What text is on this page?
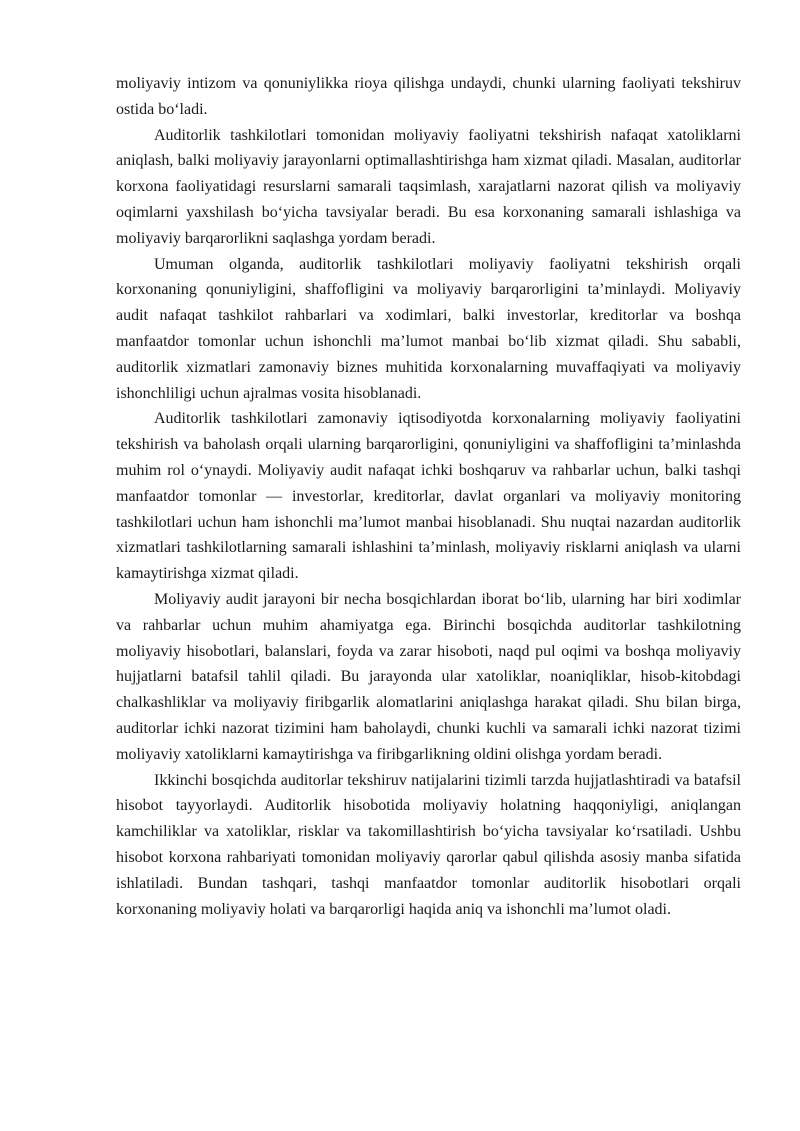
moliyaviy intizom va qonuniylikka rioya qilishga undaydi, chunki ularning faoliyati tekshiruv ostida bo‘ladi.

Auditorlik tashkilotlari tomonidan moliyaviy faoliyatni tekshirish nafaqat xatoliklarni aniqlash, balki moliyaviy jarayonlarni optimallashtirishga ham xizmat qiladi. Masalan, auditorlar korxona faoliyatidagi resurslarni samarali taqsimlash, xarajatlarni nazorat qilish va moliyaviy oqimlarni yaxshilash bo‘yicha tavsiyalar beradi. Bu esa korxonaning samarali ishlashiga va moliyaviy barqarorlikni saqlashga yordam beradi.

Umuman olganda, auditorlik tashkilotlari moliyaviy faoliyatni tekshirish orqali korxonaning qonuniyligini, shaffofligini va moliyaviy barqarorligini ta’minlaydi. Moliyaviy audit nafaqat tashkilot rahbarlari va xodimlari, balki investorlar, kreditorlar va boshqa manfaatdor tomonlar uchun ishonchli ma’lumot manbai bo‘lib xizmat qiladi. Shu sababli, auditorlik xizmatlari zamonaviy biznes muhitida korxonalarning muvaffaqiyati va moliyaviy ishonchliligi uchun ajralmas vosita hisoblanadi.

Auditorlik tashkilotlari zamonaviy iqtisodiyotda korxonalarning moliyaviy faoliyatini tekshirish va baholash orqali ularning barqarorligini, qonuniyligini va shaffofligini ta’minlashda muhim rol o‘ynaydi. Moliyaviy audit nafaqat ichki boshqaruv va rahbarlar uchun, balki tashqi manfaatdor tomonlar — investorlar, kreditorlar, davlat organlari va moliyaviy monitoring tashkilotlari uchun ham ishonchli ma’lumot manbai hisoblanadi. Shu nuqtai nazardan auditorlik xizmatlari tashkilotlarning samarali ishlashini ta’minlash, moliyaviy risklarni aniqlash va ularni kamaytirishga xizmat qiladi.

Moliyaviy audit jarayoni bir necha bosqichlardan iborat bo‘lib, ularning har biri xodimlar va rahbarlar uchun muhim ahamiyatga ega. Birinchi bosqichda auditorlar tashkilotning moliyaviy hisobotlari, balanslari, foyda va zarar hisoboti, naqd pul oqimi va boshqa moliyaviy hujjatlarni batafsil tahlil qiladi. Bu jarayonda ular xatoliklar, noaniqliklar, hisob-kitobdagi chalkashliklar va moliyaviy firibgarlik alomatlarini aniqlashga harakat qiladi. Shu bilan birga, auditorlar ichki nazorat tizimini ham baholaydi, chunki kuchli va samarali ichki nazorat tizimi moliyaviy xatoliklarni kamaytirishga va firibgarlikning oldini olishga yordam beradi.

Ikkinchi bosqichda auditorlar tekshiruv natijalarini tizimli tarzda hujjatlashtiradi va batafsil hisobot tayyorlaydi. Auditorlik hisobotida moliyaviy holatning haqqoniyligi, aniqlangan kamchiliklar va xatoliklar, risklar va takomillashtirish bo‘yicha tavsiyalar ko‘rsatiladi. Ushbu hisobot korxona rahbariyati tomonidan moliyaviy qarorlar qabul qilishda asosiy manba sifatida ishlatiladi. Bundan tashqari, tashqi manfaatdor tomonlar auditorlik hisobotlari orqali korxonaning moliyaviy holati va barqarorligi haqida aniq va ishonchli ma’lumot oladi.
